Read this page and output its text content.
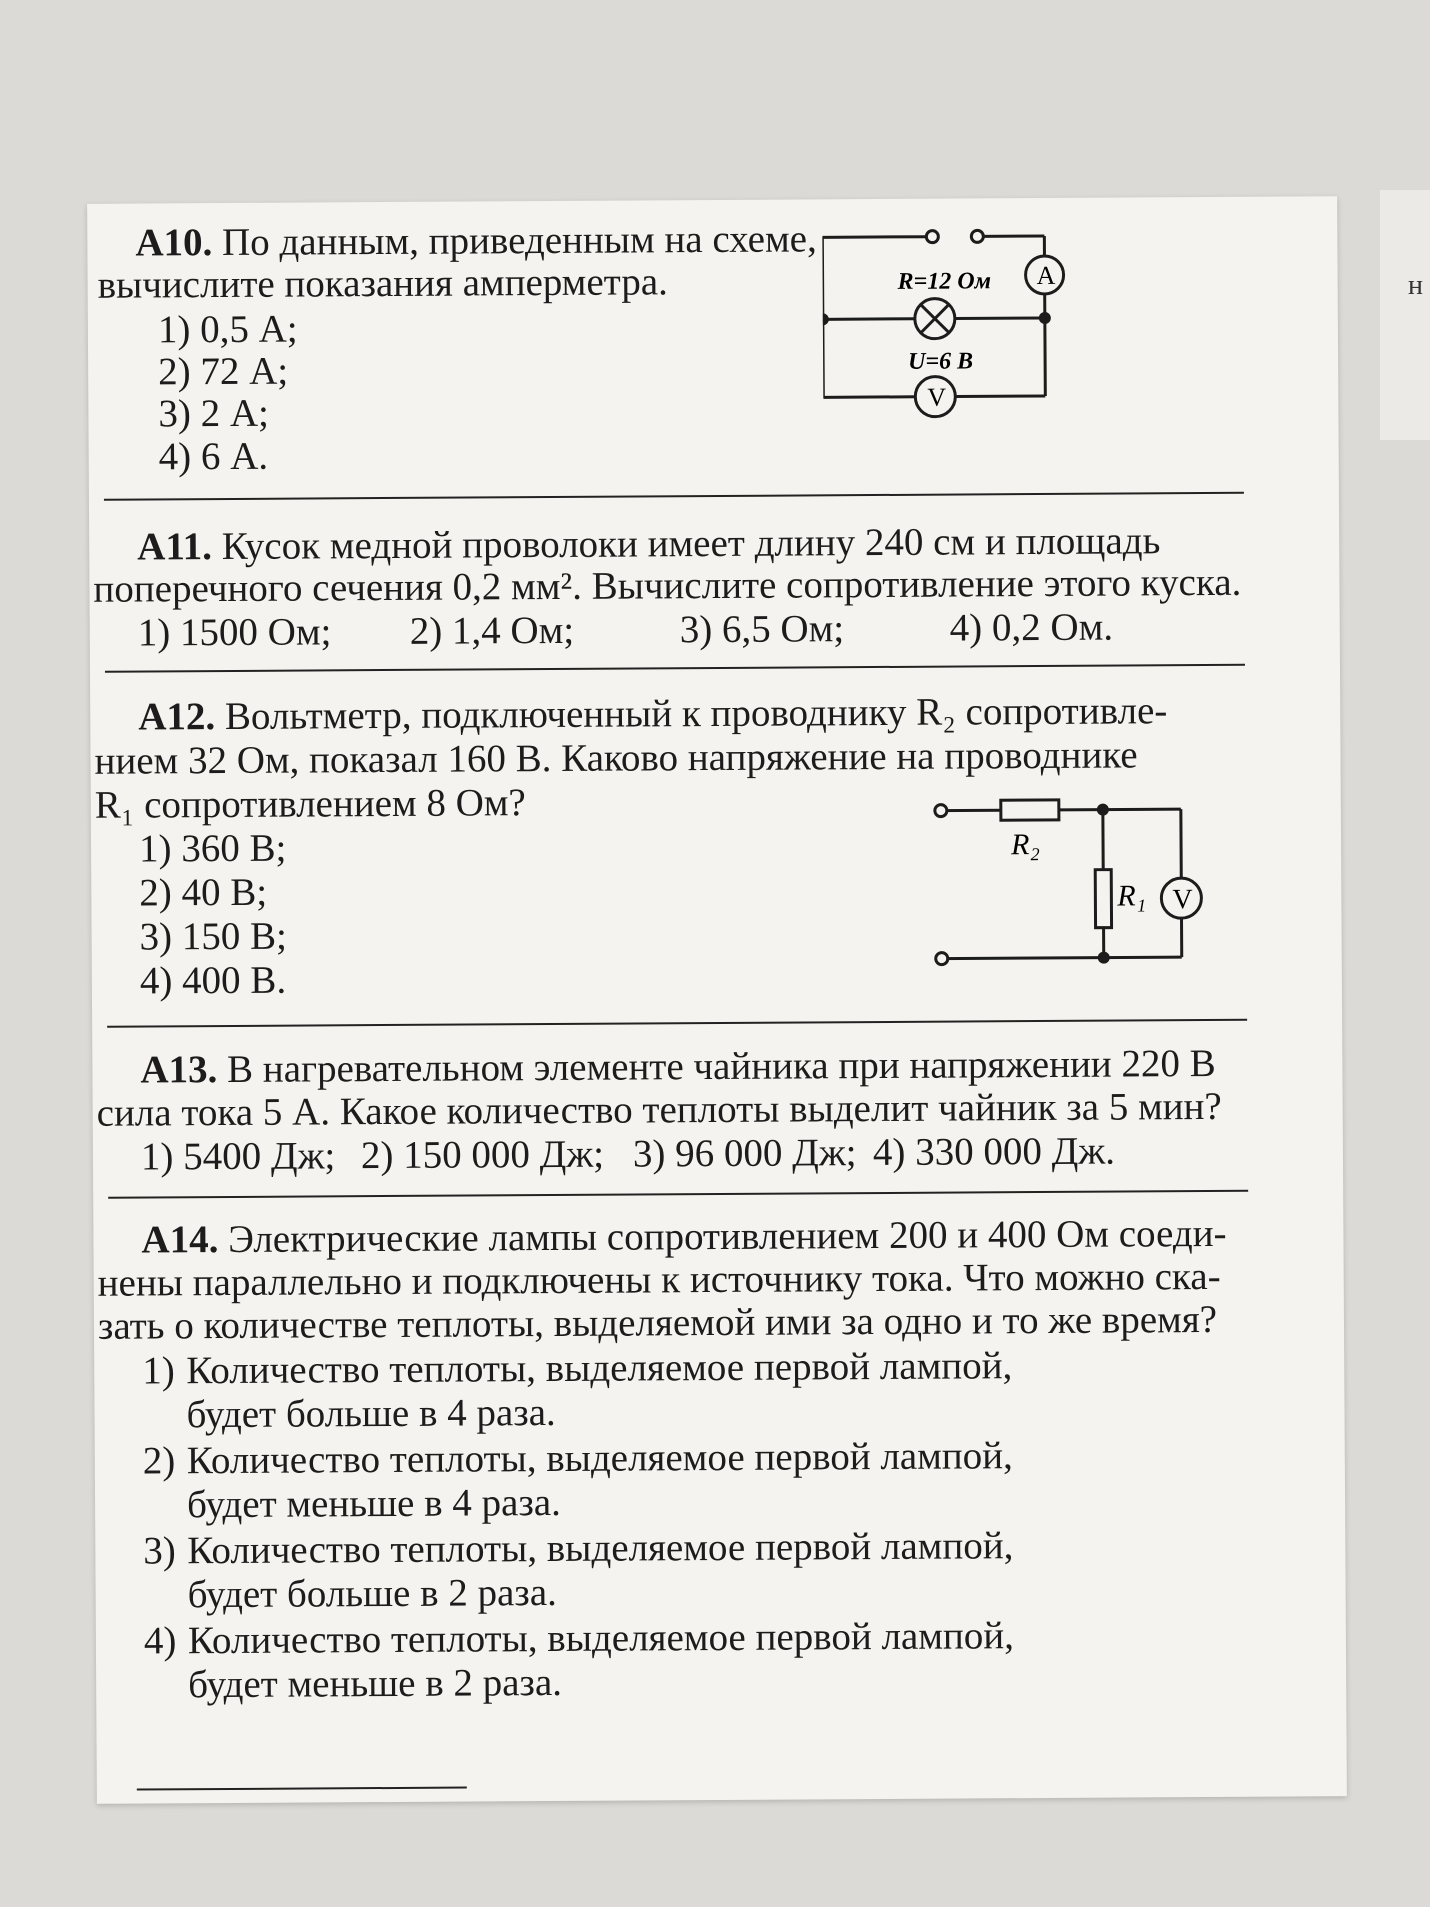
н
А10. По данным, приведенным на схеме,
вычислите показания амперметра.
1) 0,5 А;
2) 72 А;
3) 2 А;
4) 6 А.
R=12 Ом A
U=6 В
V
А11. Кусок медной проволоки имеет длину 240 см и площадь
поперечного сечения 0,2 мм². Вычислите сопротивление этого куска.
1) 1500 Ом; 2) 1,4 Ом;	3) 6,5 Ом;	4) 0,2 Ом.
А12. Вольтметр, подключенный к проводнику R₂ сопротивле-
нием 32 Ом, показал 160 В. Каково напряжение на проводнике
R₁ сопротивлением 8 Ом?
1) 360 В;
2) 40 В;
3) 150 В;
4) 400 В.
R₂
R₁ V
А13. В нагревательном элементе чайника при напряжении 220 В
сила тока 5 А. Какое количество теплоты выделит чайник за 5 мин?
1) 5400 Дж; 2) 150 000 Дж; 3) 96 000 Дж; 4) 330 000 Дж.
А14. Электрические лампы сопротивлением 200 и 400 Ом соеди-
нены параллельно и подключены к источнику тока. Что можно ска-
зать о количестве теплоты, выделяемой ими за одно и то же время?
1) Количество теплоты, выделяемое первой лампой,
будет больше в 4 раза.
2) Количество теплоты, выделяемое первой лампой,
будет меньше в 4 раза.
3) Количество теплоты, выделяемое первой лампой,
будет больше в 2 раза.
4) Количество теплоты, выделяемое первой лампой,
будет меньше в 2 раза.
